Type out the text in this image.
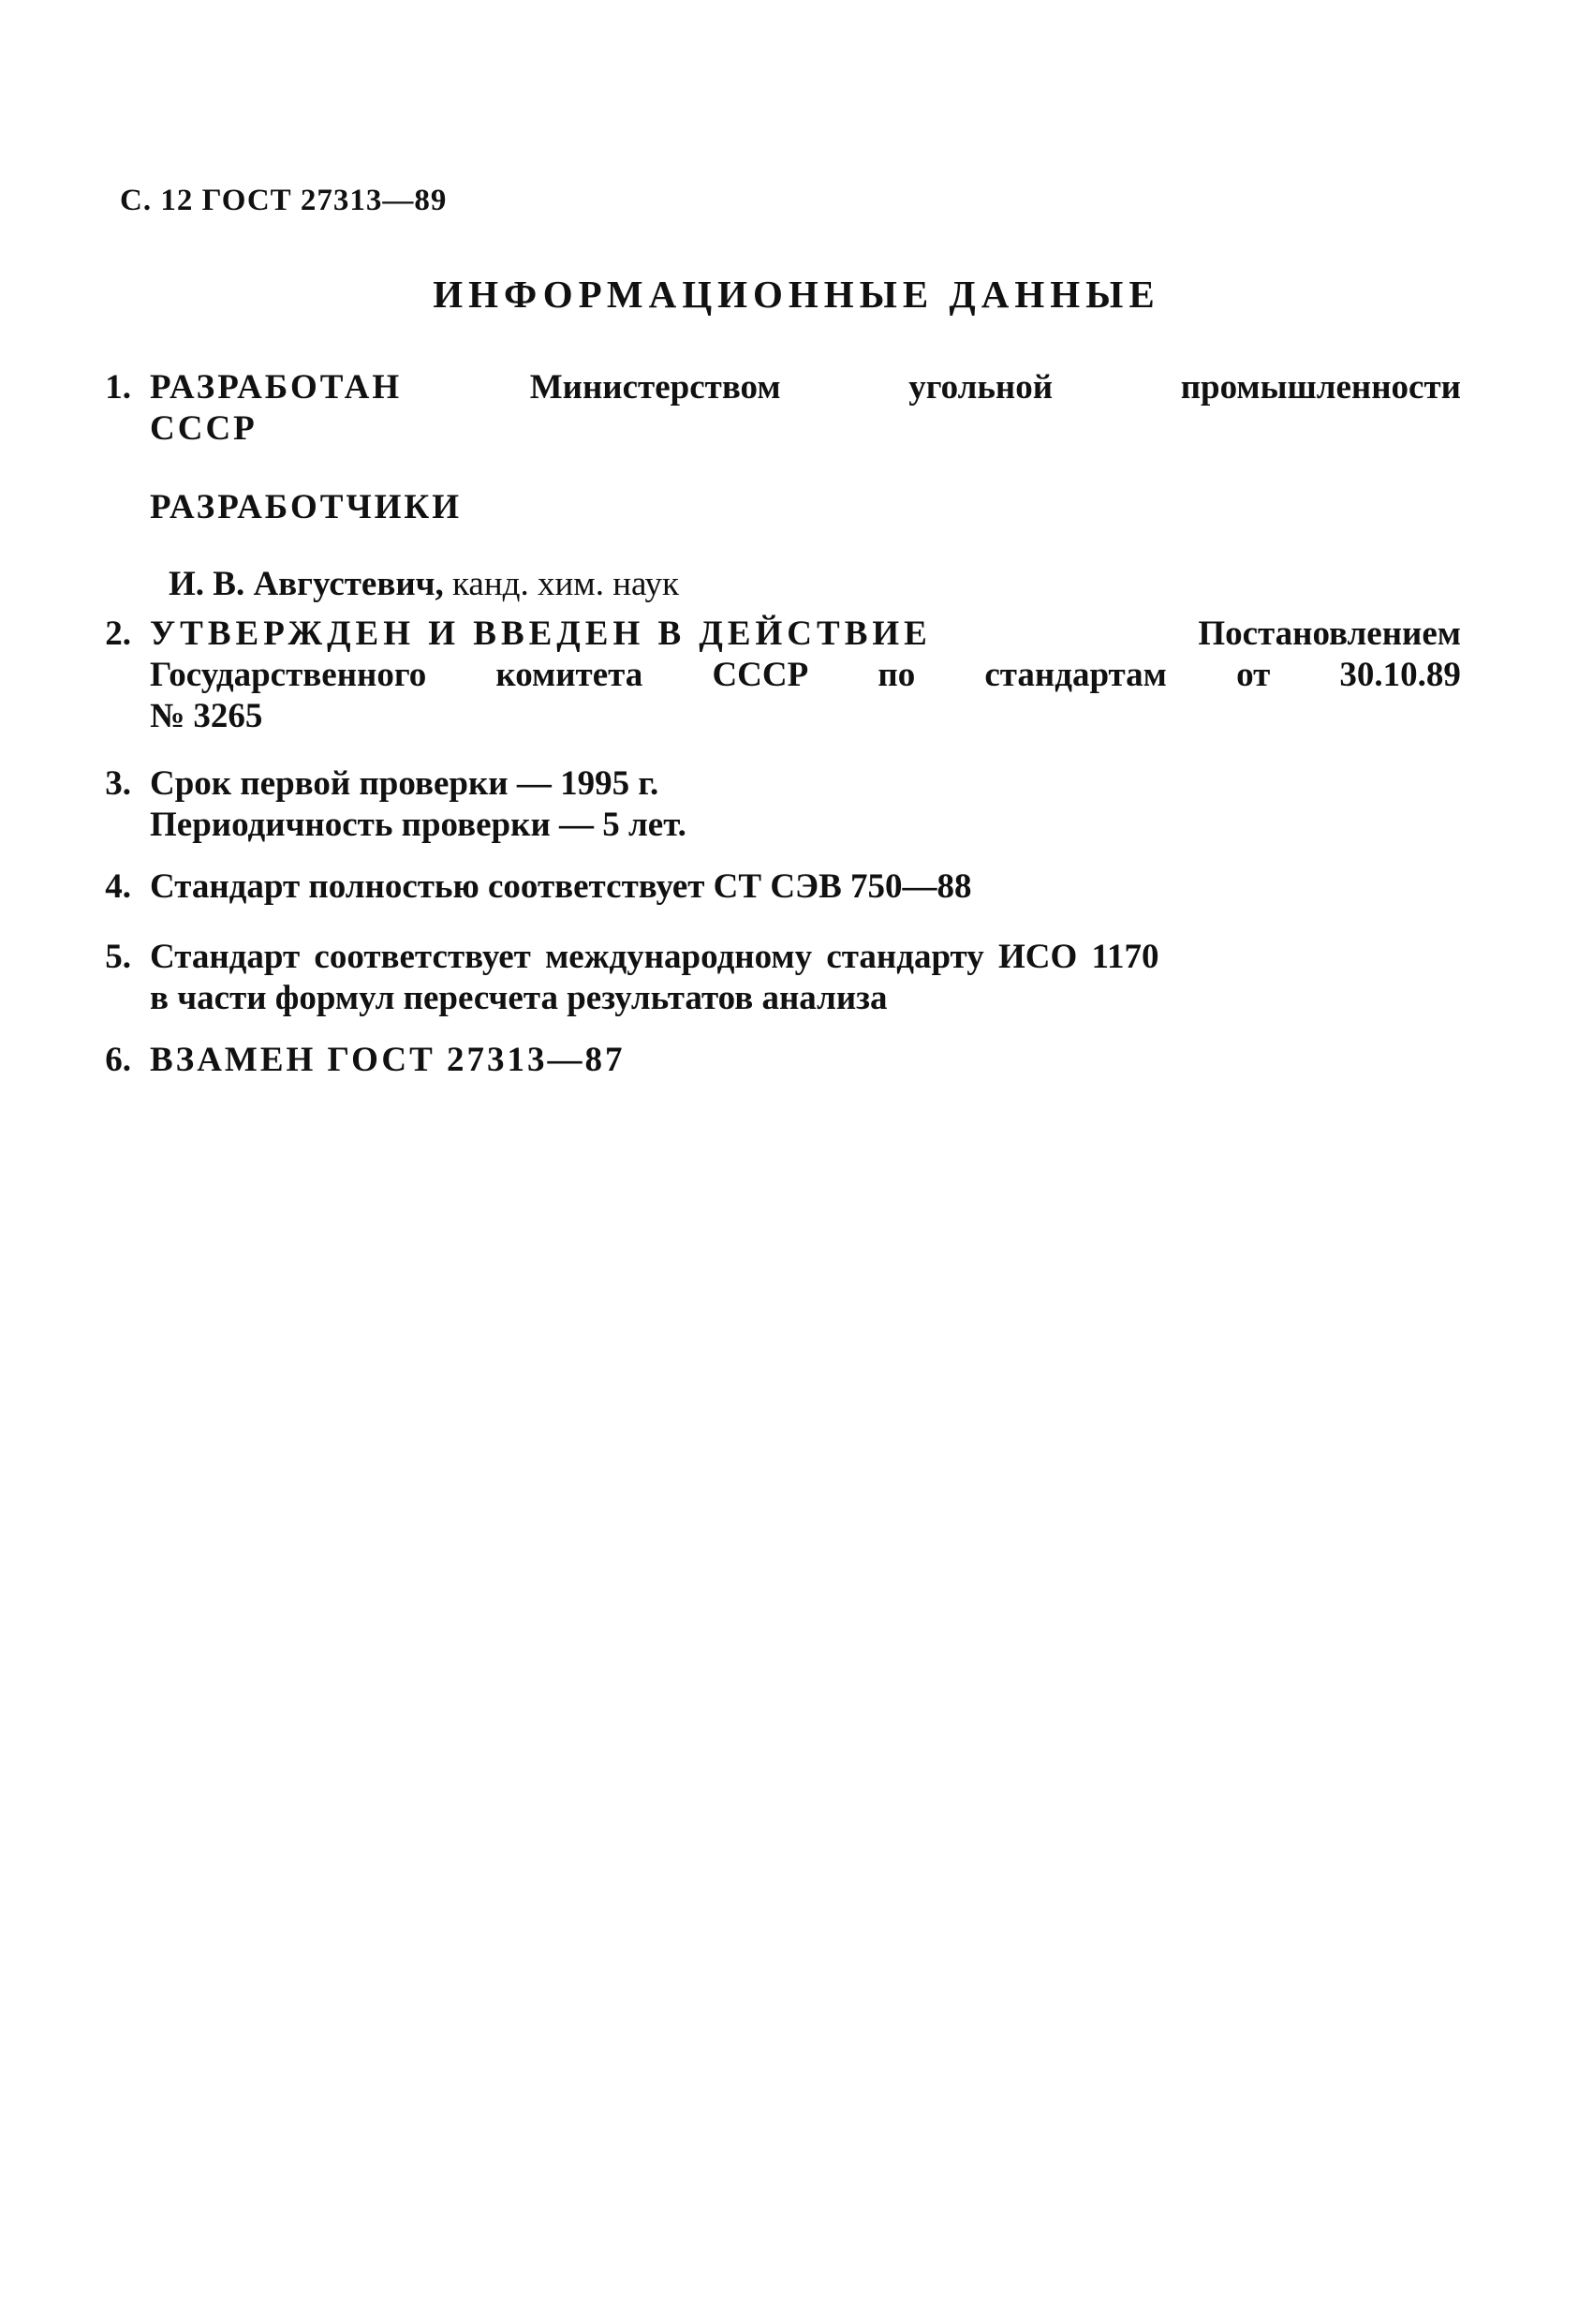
С. 12 ГОСТ 27313—89
ИНФОРМАЦИОННЫЕ ДАННЫЕ
1. РАЗРАБОТАН	Министерством	угольной	промышленности
СССР
РАЗРАБОТЧИКИ
И. В. Августевич, канд. хим. наук
2. УТВЕРЖДЕН И ВВЕДЕН В ДЕЙСТВИЕ	Постановлением
Государственного комитета СССР по стандартам от 30.10.89
№ 3265
3. Срок первой проверки — 1995 г.
Периодичность проверки — 5 лет.
4. Стандарт полностью соответствует СТ СЭВ 750—88
5. Стандарт соответствует международному стандарту ИСО 1170
в части формул пересчета результатов анализа
6. ВЗАМЕН ГОСТ 27313—87
